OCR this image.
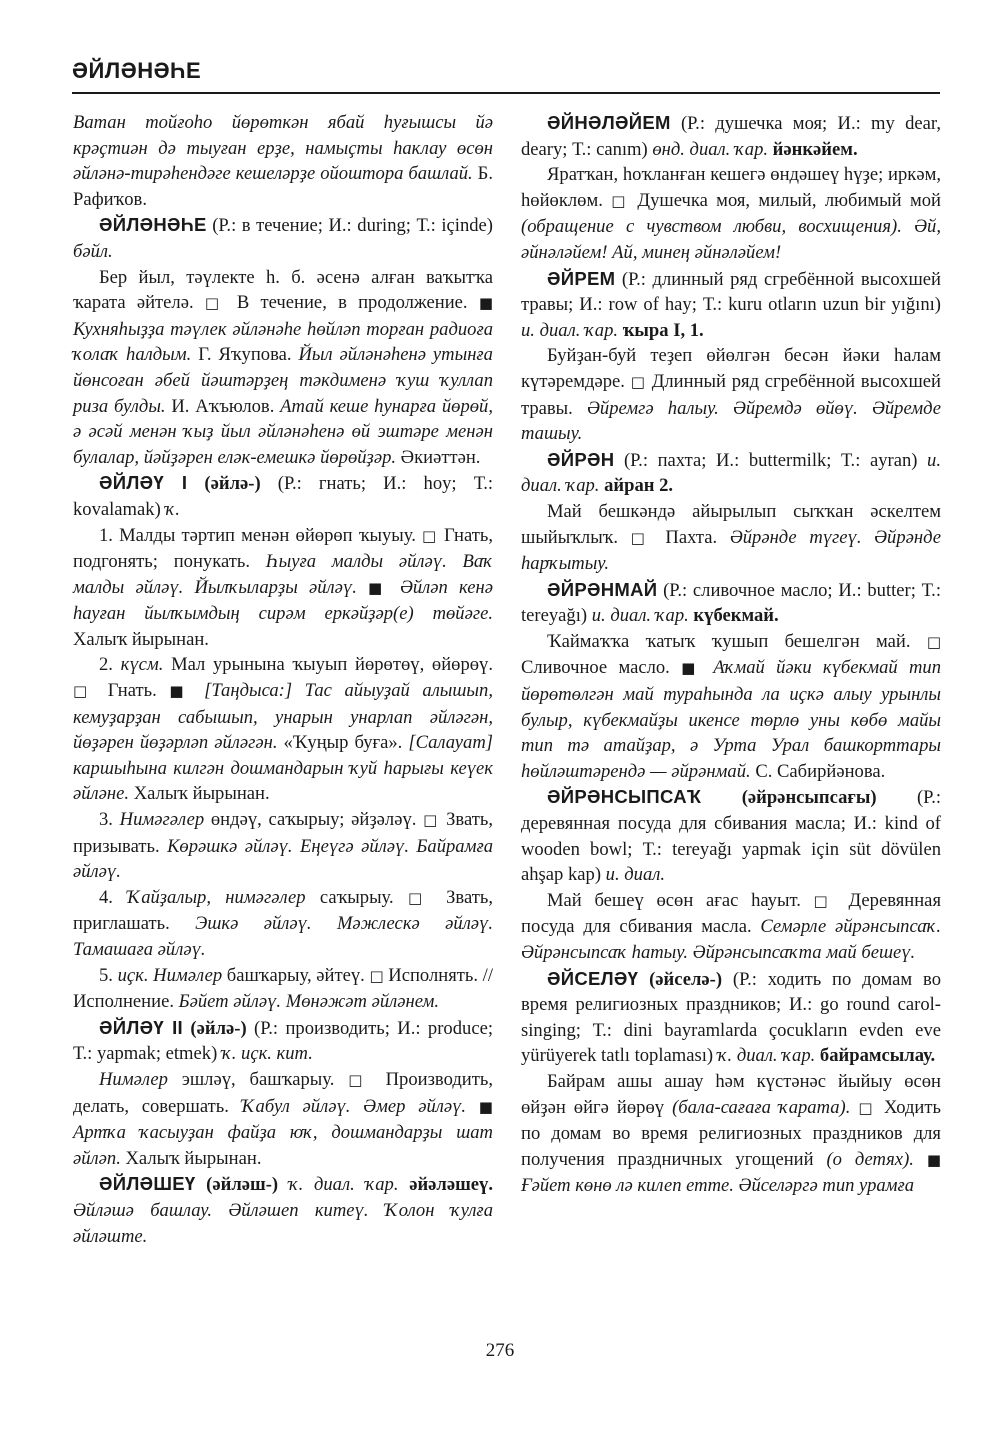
ӘЙЛӘНӘҺЕ
Ватан тойғоһо йөрөткән ябай һуғышсы йә крәҫтиән дә тыуған ерҙе, намыҫты һаклау өсөн әйләнә-тирәһендәге кешеләрҙе ойоштора башлай. Б. Рафиҡов.
ӘЙЛӘНӘҺЕ (Р.: в течение; И.: during; Т.: içinde) бәйл.
Бер йыл, тәүлекте һ. б. әсенә алған ваҡытҡа ҡарата әйтелә. □ В течение, в продолжение. ■ Кухняһыҙҙа тәүлек әйләнәһе һөйләп торған радиоға ҡолаҡ һалдым. Г. Яҡупова. Йыл әйләнәһенә утынға йөнсоған әбей йәштәрҙең тәкдименә ҡуш ҡуллап риза булды. И. Аҡъюлов. Атай кеше һунарға йөрөй, ә әсәй менән ҡыҙ йыл әйләнәһенә өй эштәре менән булалар, йәйҙәрен еләк-емешкә йөрөйҙәр. Әкиәттән.
ӘЙЛӘҮ I (әйлә-) (Р.: гнать; И.: hoy; Т.: kovalamak) ҡ.
1. Малды тәртип менән өйөрөп ҡыуыу. □ Гнать, подгонять; понукать. Һыуға малды әйләү. Ваҡ малды әйләү. Йылҡыларҙы әйләү. ■ Әйләп кенә һауған йылҡымдың сирәм еркәйҙәр(е) төйәге. Халыҡ йырынан.
2. күсм. Мал урынына ҡыуып йөрөтөү, өйөрөү. □ Гнать. ■ [Таңдыса:] Тас айыуҙай алышып, кемуҙарҙан сабышып, унарын унарлап әйләгән, йөҙәрен йөҙәрләп әйләгән. «Ҡуңыр буға». [Салауат] каршыһына килгән дошмандарын ҡуй һарығы кеүек әйләне. Халыҡ йырынан.
3. Нимәгәлер өндәү, саҡырыу; әйҙәләү. □ Звать, призывать. Көрәшкә әйләү. Еңеүгә әйләү. Байрамға әйләү.
4. Ҡайҙалыр, нимәгәлер саҡырыу. □ Звать, приглашать. Эшкә әйләү. Мәжлескә әйләү. Тамашаға әйләү.
5. иҫк. Нимәлер башҡарыу, әйтеү. □ Исполнять. // Исполнение. Бәйет әйләү. Мөнәжәт әйләнем.
ӘЙЛӘҮ II (әйлә-) (Р.: производить; И.: produce; Т.: yapmak; etmek) ҡ. иҫк. кит.
Нимәлер эшләү, башҡарыу. □ Производить, делать, совершать. Ҡабул әйләү. Әмер әйләү. ■ Артҡа ҡасыуҙан файҙа юҡ, дошмандарҙы шат әйләп. Халыҡ йырынан.
ӘЙЛӘШЕҮ (әйләш-) ҡ. диал. ҡар. әйәләшеү. Әйләшә башлау. Әйләшеп китеү. Ҡолон ҡулға әйләште.
ӘЙНӘЛӘЙЕМ (Р.: душечка моя; И.: my dear, deary; Т.: canım) өнд. диал. ҡар. йәнкәйем.
Яратҡан, һоҡланған кешегә өндәшеү һүҙе; иркәм, һөйөклөм. □ Душечка моя, милый, любимый мой (обращение с чувством любви, восхищения). Әй, әйнәләйем! Ай, минең әйнәләйем!
ӘЙРЕМ (Р.: длинный ряд сгребённой высохшей травы; И.: row of hay; Т.: kuru otların uzun bir yığını) и. диал. ҡар. ҡыра I, 1.
Буйҙан-буй теҙеп өйөлгән бесән йәки һалам күтәремдәре. □ Длинный ряд сгребённой высохшей травы. Әйремгә һалыу. Әйремдә өйөү. Әйремде ташыу.
ӘЙРӘН (Р.: пахта; И.: buttermilk; Т.: ayran) и. диал. ҡар. айран 2.
Май бешкәндә айырылып сыҡҡан әскелтем шыйыҡлыҡ. □ Пахта. Әйрәнде түгеү. Әйрәнде һарҡытыу.
ӘЙРӘНМАЙ (Р.: сливочное масло; И.: butter; Т.: tereyağı) и. диал. ҡар. күбекмай.
Ҡаймаҡҡа ҡатыҡ ҡушып бешелгән май. □ Сливочное масло. ■ Аҡмай йәки күбекмай тип йөрөтөлгән май тураһында ла иҫкә алыу урынлы булыр, күбекмайҙы икенсе төрлө уны көбө майы тип тә атайҙар, ә Урта Урал башкорттары һөйләштәрендә — әйрәнмай. С. Сабирйәнова.
ӘЙРӘНСЫПСАҠ (әйрәнсыпсағы) (Р.: деревянная посуда для сбивания масла; И.: kind of wooden bowl; Т.: tereyağı yapmak için süt dövülen ahşap kap) и. диал.
Май бешеү өсөн ағас һауыт. □ Деревянная посуда для сбивания масла. Семәрле әйрәнсыпсаҡ. Әйрәнсыпсаҡ һатыу. Әйрәнсыпсаҡта май бешеү.
ӘЙСЕЛӘҮ (әйселә-) (Р.: ходить по домам во время религиозных праздников; И.: go round carol-singing; Т.: dini bayramlarda çocukların evden eve yürüyerek tatlı toplaması) ҡ. диал. ҡар. байрамсылау.
Байрам ашы ашау һәм күстәнәс йыйыу өсөн өйҙән өйгә йөрөү (бала-сағаға ҡарата). □ Ходить по домам во время религиозных праздников для получения праздничных угощений (о детях). ■ Ғәйет көнө лә килеп етте. Әйселәргә тип урамға
276
